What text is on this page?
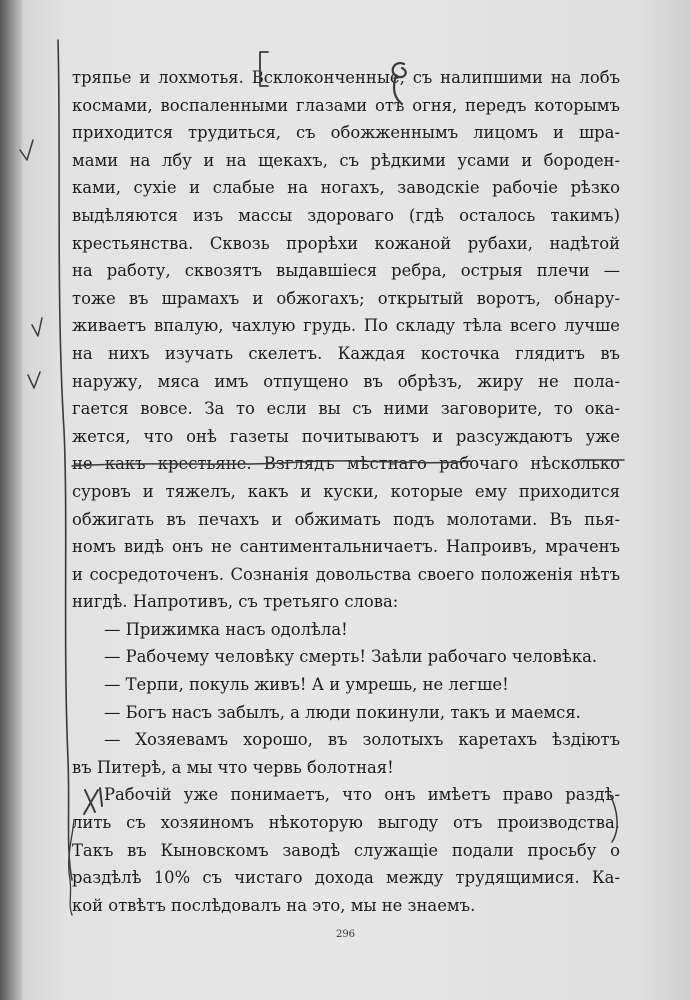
тряпье и лохмотья. Всклоконченные, съ налипшими на лобъ
космами, воспаленными глазами отъ огня, передъ которымъ
приходится трудиться, съ обожженнымъ лицомъ и шра-
мами на лбу и на щекахъ, съ рѣдкими усами и бороден-
ками, сухіе и слабые на ногахъ, заводскіе рабочіе рѣзко
выдѣляются изъ массы здороваго (гдѣ осталось такимъ)
крестьянства. Сквозь прорѣхи кожаной рубахи, надѣтой
на работу, сквозятъ выдавшіеся ребра, острыя плечи —
тоже въ шрамахъ и обжогахъ; открытый воротъ, обнару-
живаетъ впалую, чахлую грудь. По складу тѣла всего лучше
на нихъ изучать скелетъ. Каждая косточка глядитъ въ
наружу, мяса имъ отпущено въ обрѣзъ, жиру не пола-
гается вовсе. За то если вы съ ними заговорите, то ока-
жется, что онѣ газеты почитываютъ и разсуждаютъ уже
не какъ крестьяне. Взглядъ мѣстнаго рабочаго нѣсколько
суровъ и тяжелъ, какъ и куски, которые ему приходится
обжигать въ печахъ и обжимать подъ молотами. Въ пья-
номъ видѣ онъ не сантиментальничаетъ. Напроивъ, мраченъ
и сосредоточенъ. Сознанія довольства своего положенія нѣтъ
нигдѣ. Напротивъ, съ третьяго слова:
— Прижимка насъ одолѣла!
— Рабочему человѣку смерть! Заѣли рабочаго человѣка.
— Терпи, покуль живъ! А и умрешь, не легше!
— Богъ насъ забылъ, а люди покинули, такъ и маемся.
— Хозяевамъ хорошо, въ золотыхъ каретахъ ѣздіютъ
въ Питерѣ, а мы что червь болотная!
Рабочій уже понимаетъ, что онъ имѣетъ право раздѣ-
лить съ хозяиномъ нѣкоторую выгоду отъ производства.
Такъ въ Кыновскомъ заводѣ служащіе подали просьбу о
раздѣлѣ 10% съ чистаго дохода между трудящимися. Ка-
кой отвѣтъ послѣдовалъ на это, мы не знаемъ.
296
